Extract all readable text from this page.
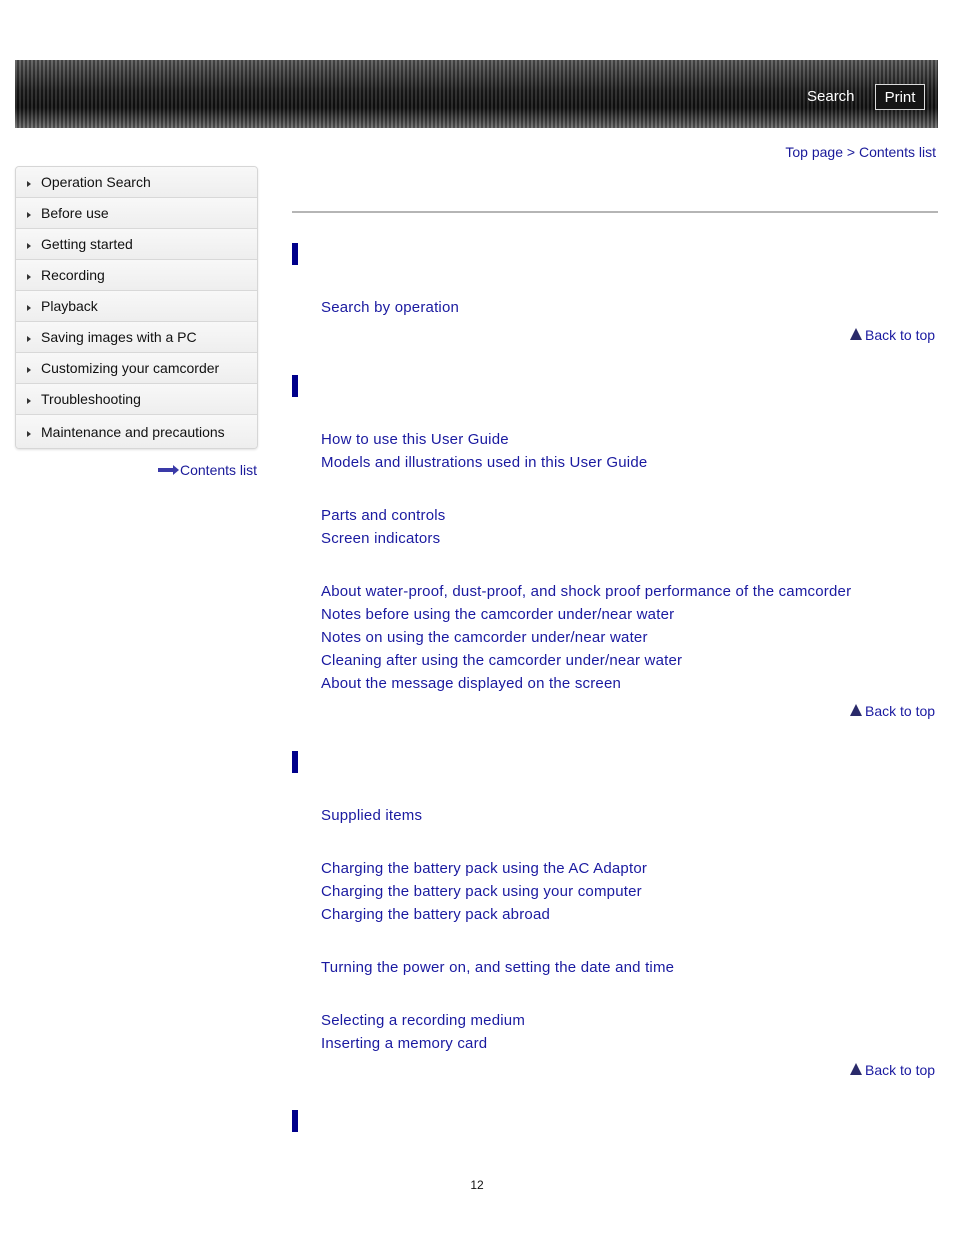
Search	Print
Top page > Contents list
Operation Search
Before use
Getting started
Recording
Playback
Saving images with a PC
Customizing your camcorder
Troubleshooting
Maintenance and precautions
Contents list
Search by operation
Back to top
How to use this User Guide
Models and illustrations used in this User Guide
Parts and controls
Screen indicators
About water-proof, dust-proof, and shock proof performance of the camcorder
Notes before using the camcorder under/near water
Notes on using the camcorder under/near water
Cleaning after using the camcorder under/near water
About the message displayed on the screen
Back to top
Supplied items
Charging the battery pack using the AC Adaptor
Charging the battery pack using your computer
Charging the battery pack abroad
Turning the power on, and setting the date and time
Selecting a recording medium
Inserting a memory card
Back to top
12
